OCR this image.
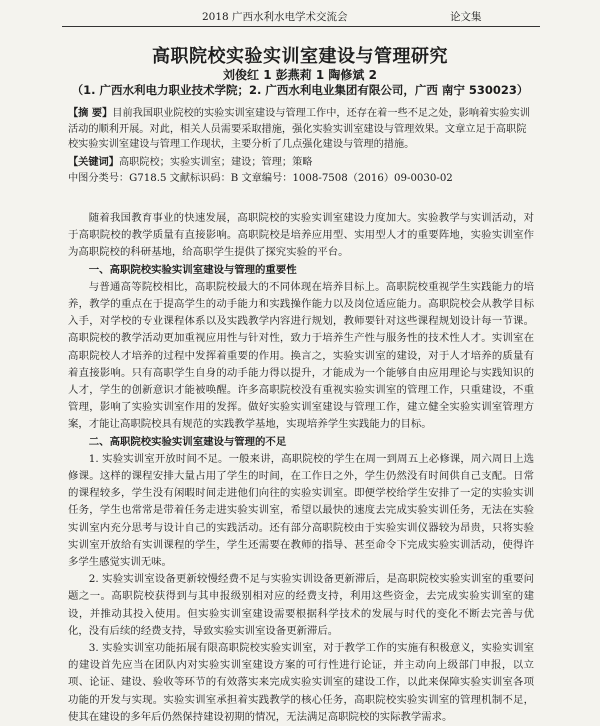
2018 广西水利水电学术交流会	论文集
高职院校实验实训室建设与管理研究
刘俊红 1 彭燕莉 1 陶修斌 2
（1. 广西水利电力职业技术学院；2. 广西水利电业集团有限公司，广西 南宁 530023）
【摘 要】目前我国职业院校的实验实训室建设与管理工作中，还存在着一些不足之处，影响着实验实训活动的顺利开展。对此，相关人员需要采取措施，强化实验实训室建设与管理效果。文章立足于高职院校实验实训室建设与管理工作现状，主要分析了几点强化建设与管理的措施。
【关键词】高职院校；实验实训室；建设；管理；策略
中图分类号：G718.5 文献标识码：B 文章编号：1008-7508（2016）09-0030-02

随着我国教育事业的快速发展，高职院校的实验实训室建设力度加大。实验教学与实训活动，对于高职院校的教学质量有直接影响。高职院校是培养应用型、实用型人才的重要阵地，实验实训室作为高职院校的科研基地，给高职学生提供了探究实验的平台。

一、高职院校实验实训室建设与管理的重要性

与普通高等院校相比，高职院校最大的不同体现在培养目标上。高职院校重视学生实践能力的培养，教学的重点在于提高学生的动手能力和实践操作能力以及岗位适应能力。高职院校会从教学目标入手，对学校的专业课程体系以及实践教学内容进行规划，教师要针对这些课程规划设计每一节课。高职院校的教学活动更加重视应用性与针对性，致力于培养生产性与服务性的技术性人才。实训室在高职院校人才培养的过程中发挥着重要的作用。换言之，实验实训室的建设，对于人才培养的质量有着直接影响。只有高职学生自身的动手能力得以提升，才能成为一个能够自由应用理论与实践知识的人才，学生的创新意识才能被唤醒。许多高职院校没有重视实验实训室的管理工作，只重建设，不重管理，影响了实验实训室作用的发挥。做好实验实训室建设与管理工作，建立健全实验实训室管理方案，才能让高职院校具有规范的实践教学基地，实现培养学生实践能力的目标。

二、高职院校实验实训室建设与管理的不足

1. 实验实训室开放时间不足。一般来讲，高职院校的学生在周一到周五上必修课，周六周日上选修课。这样的课程安排大量占用了学生的时间，在工作日之外，学生仍然没有时间供自己支配。日常的课程较多，学生没有闲暇时间走进他们向往的实验实训室。即便学校给学生安排了一定的实验实训任务，学生也常常是带着任务走进实验实训室，希望以最快的速度去完成实验实训任务，无法在实验实训室内充分思考与设计自己的实践活动。还有部分高职院校由于实验实训仪器较为昂贵，只将实验实训室开放给有实训课程的学生，学生还需要在教师的指导、甚至命令下完成实验实训活动，使得许多学生感觉实训无味。

2. 实验实训室设备更新较慢经费不足与实验实训设备更新滞后，是高职院校实验实训室的重要问题之一。高职院校获得到与其申报级别相对应的经费支持，利用这些资金，去完成实验实训室的建设，并推动其投入使用。但实验实训室建设需要根据科学技术的发展与时代的变化不断去完善与优化，没有后续的经费支持，导致实验实训室设备更新滞后。

3. 实验实训室功能拓展有限高职院校实验实训室，对于教学工作的实施有积极意义，实验实训室的建设首先应当在团队内对实验实训室建设方案的可行性进行论证，并主动向上级部门申报，以立项、论证、建设、验收等环节的有效落实来完成实验实训室的建设工作，以此来保障实验实训室各项功能的开发与实现。实验实训室承担着实践教学的核心任务，高职院校实验实训室的管理机制不足，使其在建设的多年后仍然保持建设初期的情况，无法满足高职院校的实际教学需求。
